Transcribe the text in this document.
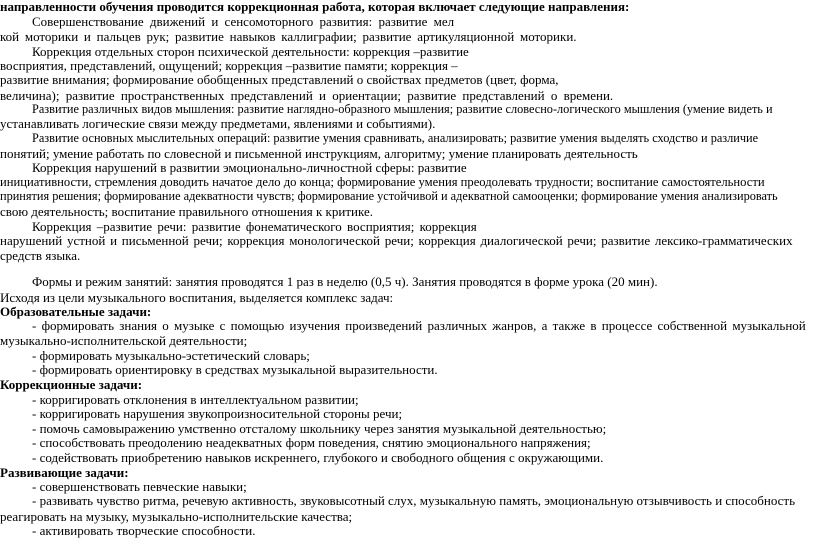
направленности обучения проводится коррекционная работа, которая включает следующие направления:
Совершенствование движений и сенсомоторного развития: развитие мел
кой моторики и пальцев рук; развитие навыков каллиграфии; развитие артикуляционной моторики.
Коррекция отдельных сторон психической деятельности: коррекция –развитие
восприятия, представлений, ощущений; коррекция –развитие памяти; коррекция –
развитие внимания; формирование обобщенных представлений о свойствах предметов (цвет, форма,
величина); развитие пространственных представлений и ориентации; развитие представлений о времени.
Развитие различных видов мышления: развитие наглядно-образного мышления; развитие словесно-логического мышления (умение видеть и
устанавливать логические связи между предметами, явлениями и событиями).
Развитие основных мыслительных операций: развитие умения сравнивать, анализировать; развитие умения выделять сходство и различие
понятий; умение работать по словесной и письменной инструкциям, алгоритму; умение планировать деятельность
Коррекция нарушений в развитии эмоционально-личностной сферы: развитие
инициативности, стремления доводить начатое дело до конца; формирование умения преодолевать трудности; воспитание самостоятельности
принятия решения; формирование адекватности чувств; формирование устойчивой и адекватной самооценки; формирование умения анализировать
свою деятельность; воспитание правильного отношения к критике.
Коррекция –развитие речи: развитие фонематического восприятия; коррекция
нарушений устной и письменной речи; коррекция монологической речи; коррекция диалогической речи; развитие лексико-грамматических
средств языка.
Формы и режим занятий: занятия проводятся 1 раз в неделю (0,5 ч). Занятия проводятся в форме урока (20 мин).
Исходя из цели музыкального воспитания, выделяется комплекс задач:
Образовательные задачи:
- формировать знания о музыке с помощью изучения произведений различных жанров, а также в процессе собственной музыкальной
музыкально-исполнительской деятельности;
- формировать музыкально-эстетический словарь;
- формировать ориентировку в средствах музыкальной выразительности.
Коррекционные задачи:
- корригировать отклонения в интеллектуальном развитии;
- корригировать нарушения звукопроизносительной стороны речи;
- помочь самовыражению умственно отсталому школьнику через занятия музыкальной деятельностью;
- способствовать преодолению неадекватных форм поведения, снятию эмоционального напряжения;
- содействовать приобретению навыков искреннего, глубокого и свободного общения с окружающими.
Развивающие задачи:
- совершенствовать певческие навыки;
- развивать чувство ритма, речевую активность, звуковысотный слух, музыкальную память, эмоциональную отзывчивость и способность
реагировать на музыку, музыкально-исполнительские качества;
- активировать творческие способности.
